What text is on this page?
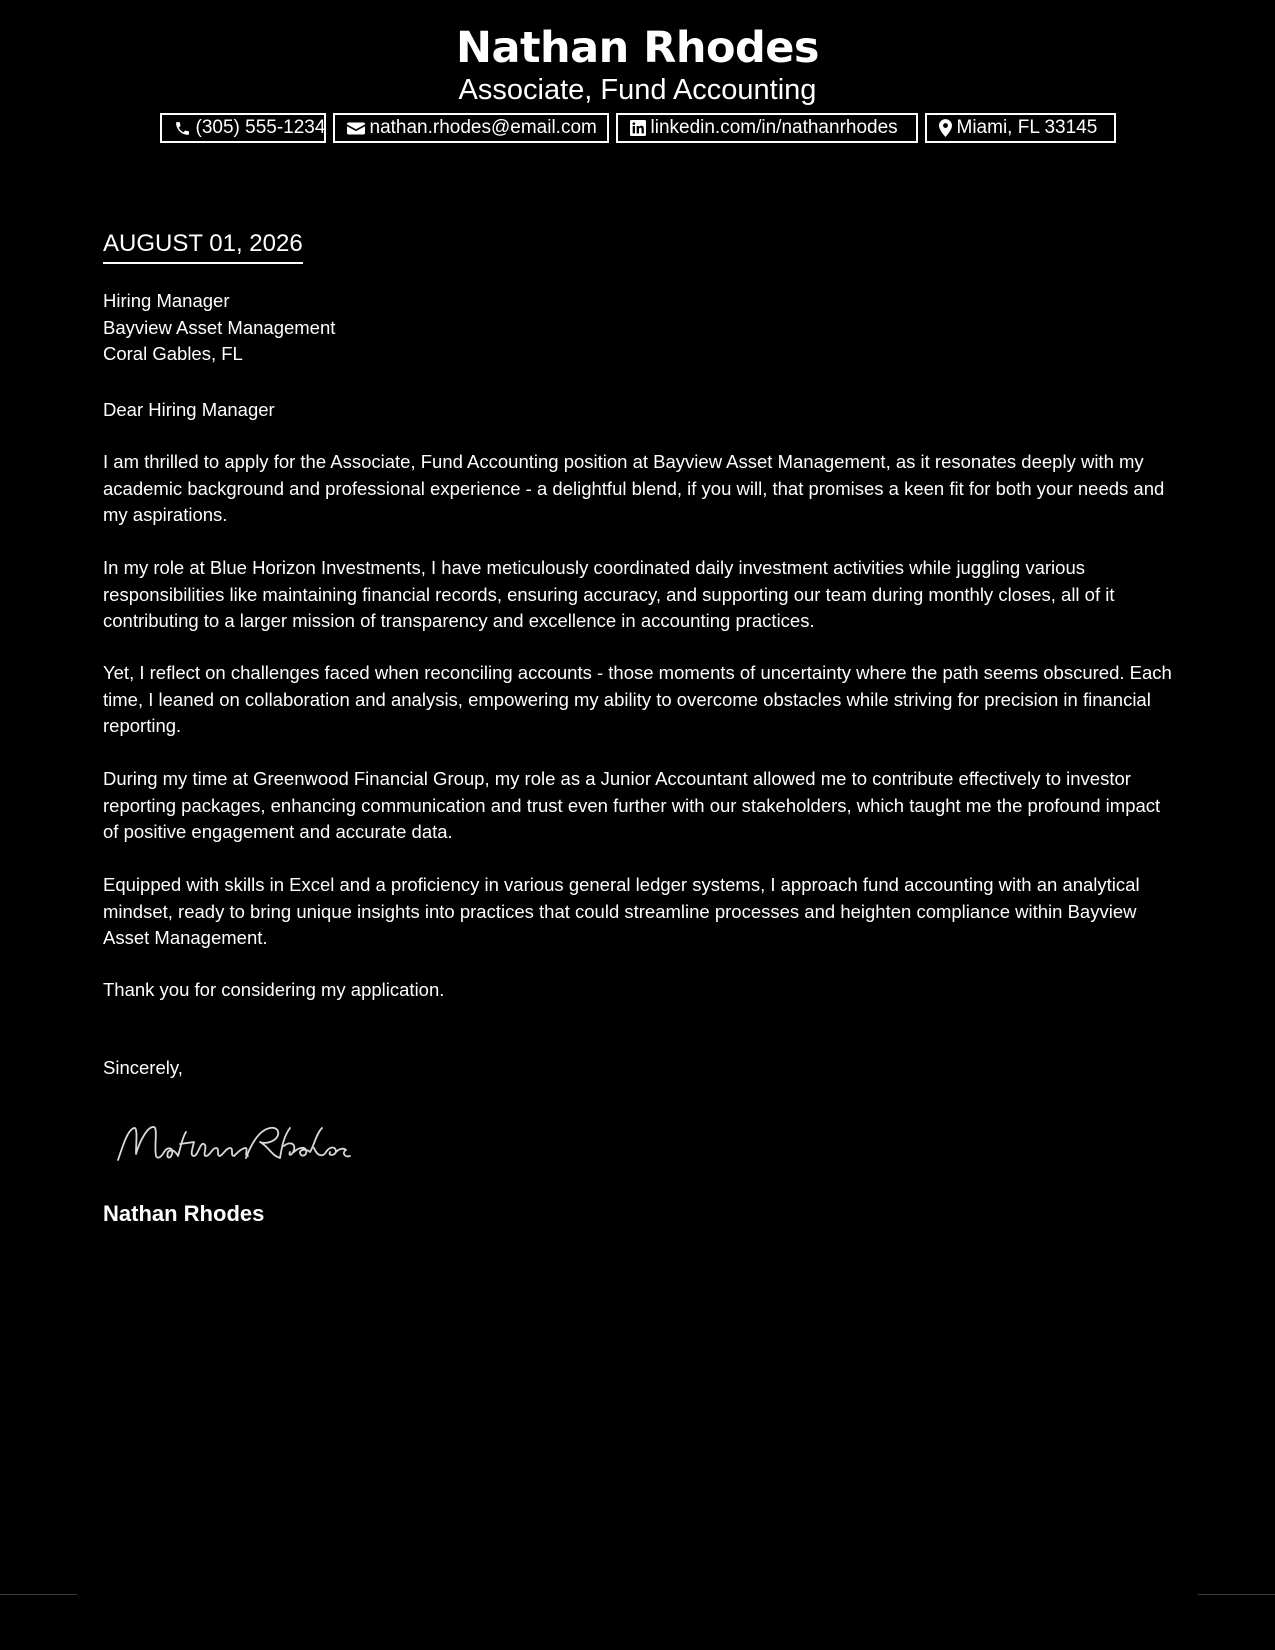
Nathan Rhodes
Associate, Fund Accounting
(305) 555-1234 nathan.rhodes@email.com	linkedin.com/in/nathanrhodes	Miami, FL 33145
AUGUST 01, 2026

Hiring Manager

Bayview Asset Management

Coral Gables, FL

Dear Hiring Manager

I am thrilled to apply for the Associate, Fund Accounting position at Bayview Asset Management, as it resonates deeply with my academic background and professional experience - a delightful blend, if you will, that promises a keen fit for both your needs and my aspirations.

In my role at Blue Horizon Investments, I have meticulously coordinated daily investment activities while juggling various responsibilities like maintaining financial records, ensuring accuracy, and supporting our team during monthly closes, all of it contributing to a larger mission of transparency and excellence in accounting practices.

Yet, I reflect on challenges faced when reconciling accounts - those moments of uncertainty where the path seems obscured. Each time, I leaned on collaboration and analysis, empowering my ability to overcome obstacles while striving for precision in financial reporting.

During my time at Greenwood Financial Group, my role as a Junior Accountant allowed me to contribute effectively to investor reporting packages, enhancing communication and trust even further with our stakeholders, which taught me the profound impact of positive engagement and accurate data.

Equipped with skills in Excel and a proficiency in various general ledger systems, I approach fund accounting with an analytical mindset, ready to bring unique insights into practices that could streamline processes and heighten compliance within Bayview Asset Management.

Thank you for considering my application.

Sincerely,

Nathan Rhodes
